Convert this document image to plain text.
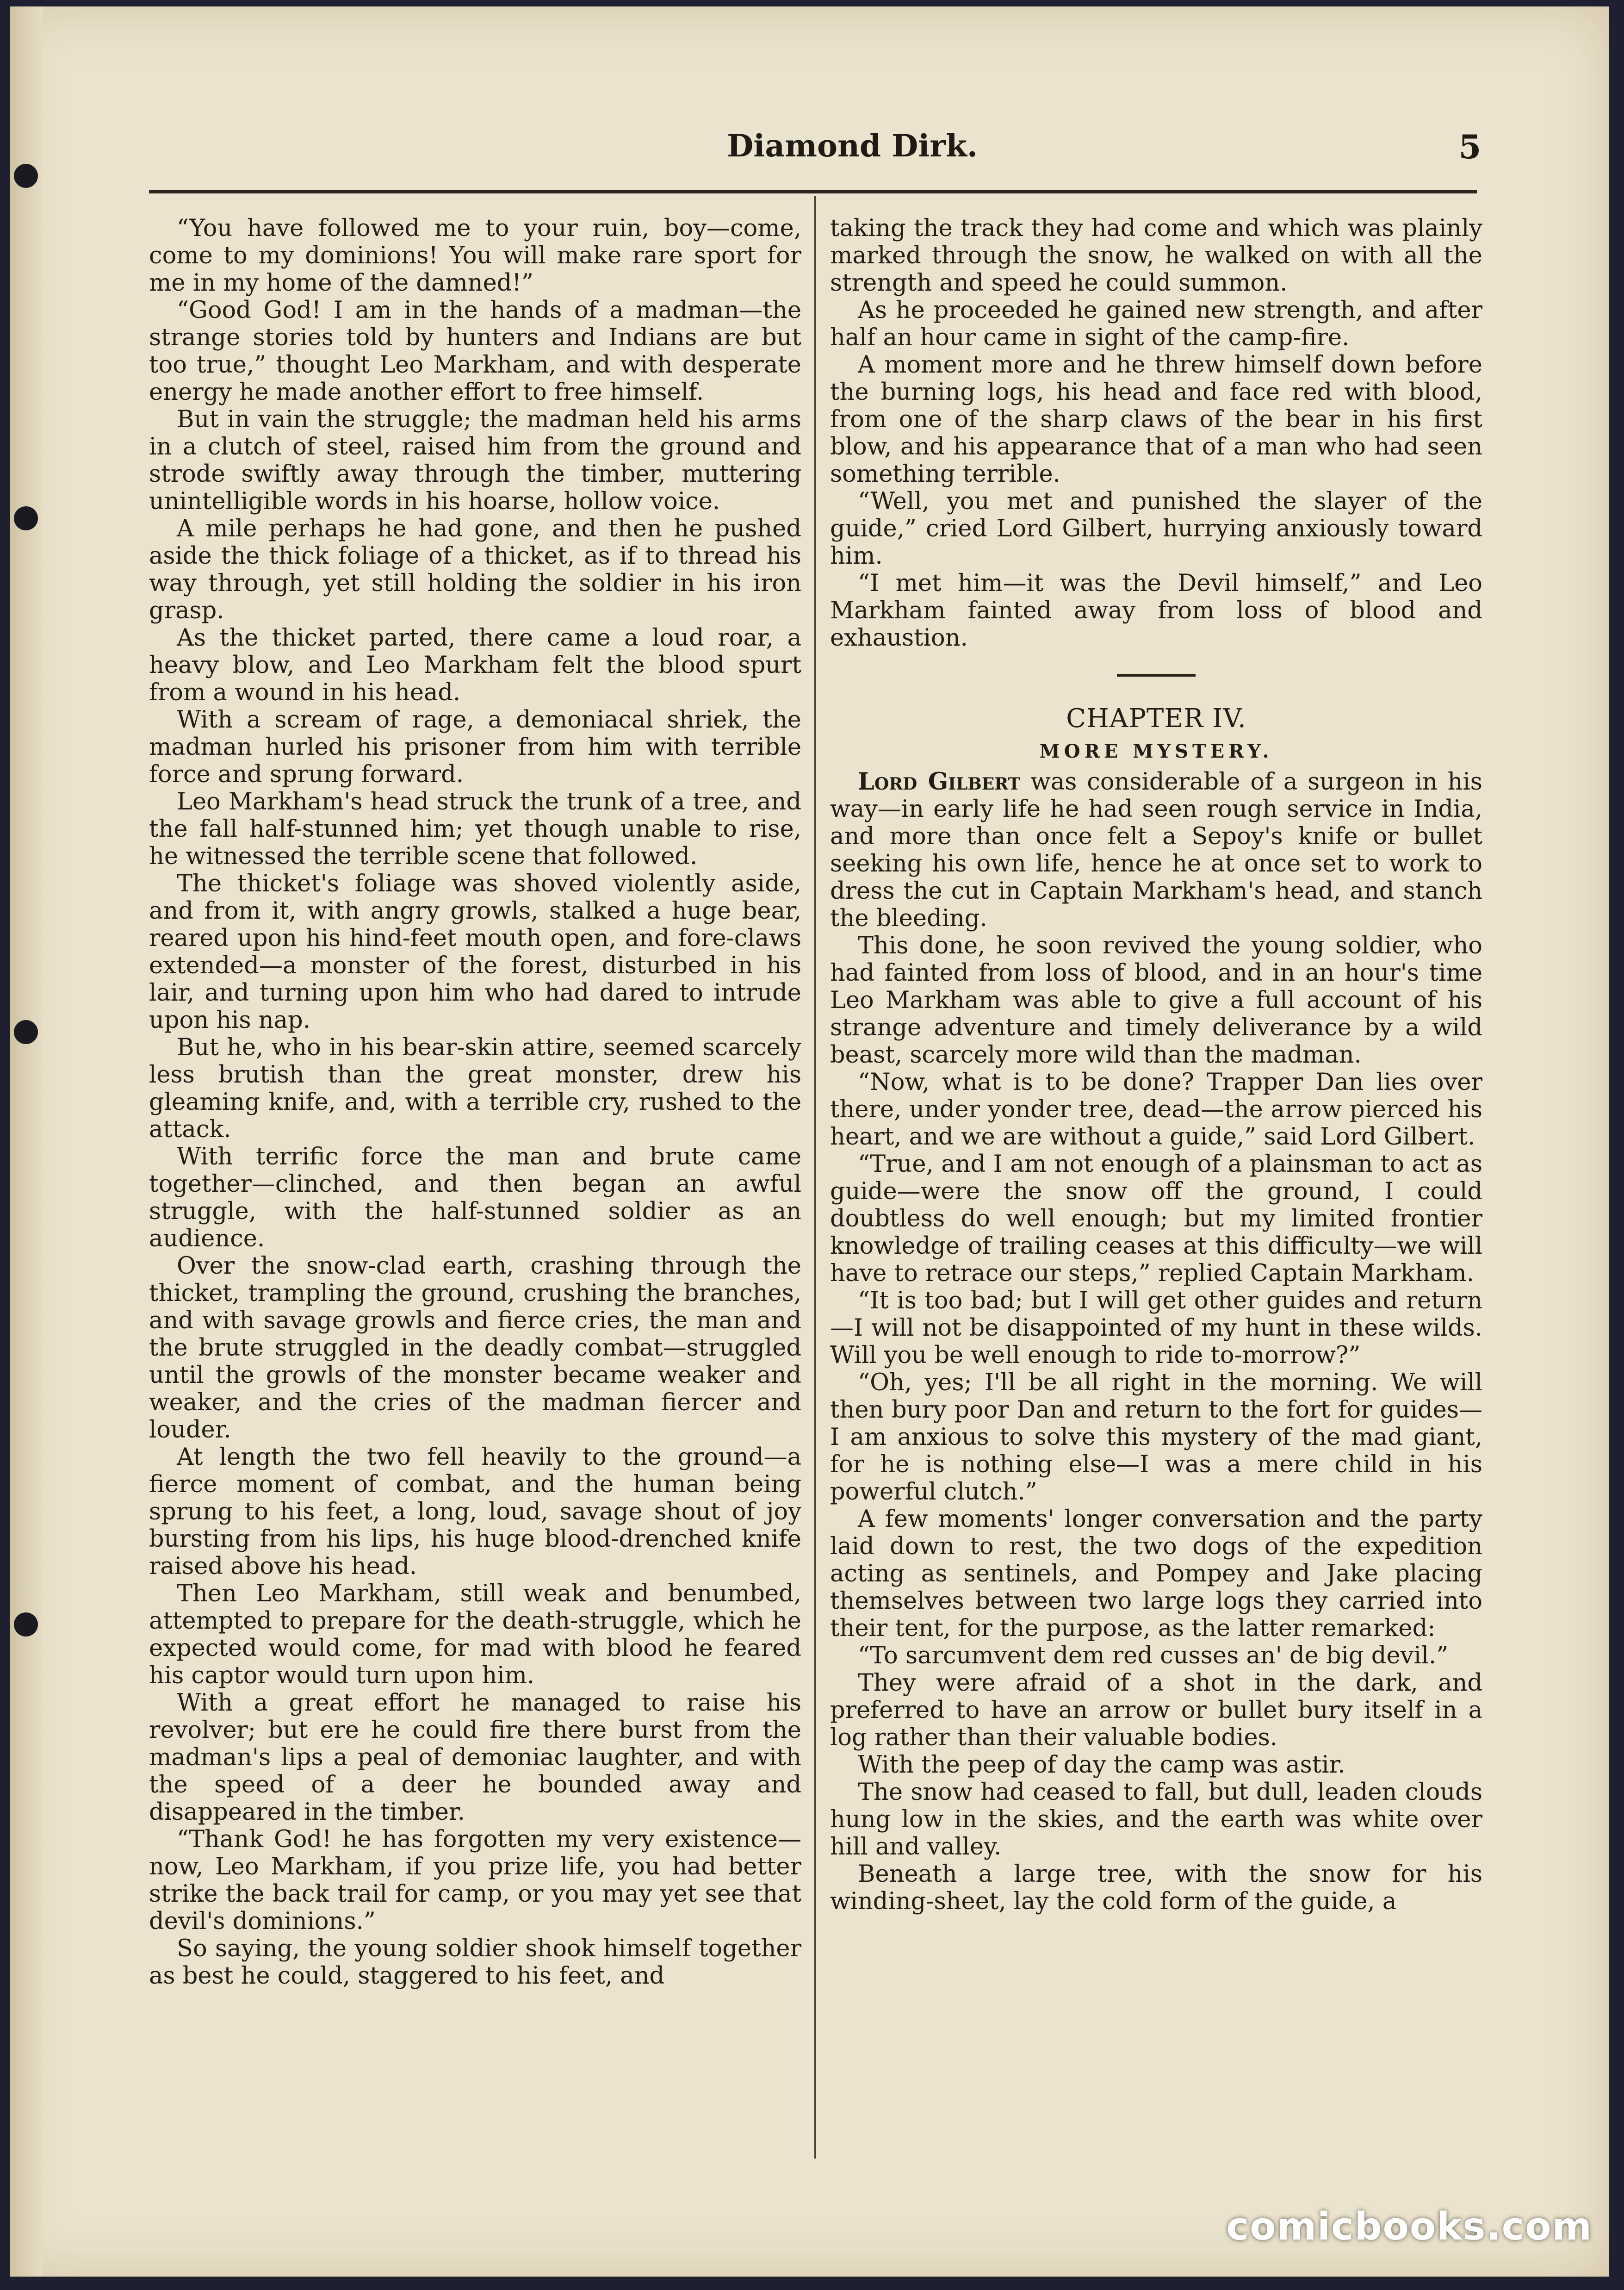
Diamond Dirk.	5

“You have followed me to your ruin, boy—come, come to my dominions! You will make rare sport for me in my home of the damned!”

“Good God! I am in the hands of a madman—the strange stories told by hunters and Indians are but too true,” thought Leo Markham, and with desperate energy he made another effort to free himself.

But in vain the struggle; the madman held his arms in a clutch of steel, raised him from the ground and strode swiftly away through the timber, muttering unintelligible words in his hoarse, hollow voice.

A mile perhaps he had gone, and then he pushed aside the thick foliage of a thicket, as if to thread his way through, yet still holding the soldier in his iron grasp.

As the thicket parted, there came a loud roar, a heavy blow, and Leo Markham felt the blood spurt from a wound in his head.

With a scream of rage, a demoniacal shriek, the madman hurled his prisoner from him with terrible force and sprung forward.

Leo Markham's head struck the trunk of a tree, and the fall half-stunned him; yet though unable to rise, he witnessed the terrible scene that followed.

The thicket's foliage was shoved violently aside, and from it, with angry growls, stalked a huge bear, reared upon his hind-feet mouth open, and fore-claws extended—a monster of the forest, disturbed in his lair, and turning upon him who had dared to intrude upon his nap.

But he, who in his bear-skin attire, seemed scarcely less brutish than the great monster, drew his gleaming knife, and, with a terrible cry, rushed to the attack.

With terrific force the man and brute came together—clinched, and then began an awful struggle, with the half-stunned soldier as an audience.

Over the snow-clad earth, crashing through the thicket, trampling the ground, crushing the branches, and with savage growls and fierce cries, the man and the brute struggled in the deadly combat—struggled until the growls of the monster became weaker and weaker, and the cries of the madman fiercer and louder.

At length the two fell heavily to the ground—a fierce moment of combat, and the human being sprung to his feet, a long, loud, savage shout of joy bursting from his lips, his huge blood-drenched knife raised above his head.

Then Leo Markham, still weak and benumbed, attempted to prepare for the death-struggle, which he expected would come, for mad with blood he feared his captor would turn upon him.

With a great effort he managed to raise his revolver; but ere he could fire there burst from the madman's lips a peal of demoniac laughter, and with the speed of a deer he bounded away and disappeared in the timber.

“Thank God! he has forgotten my very existence—now, Leo Markham, if you prize life, you had better strike the back trail for camp, or you may yet see that devil's dominions.”

So saying, the young soldier shook himself together as best he could, staggered to his feet, and

taking the track they had come and which was plainly marked through the snow, he walked on with all the strength and speed he could summon.

As he proceeded he gained new strength, and after half an hour came in sight of the camp-fire.

A moment more and he threw himself down before the burning logs, his head and face red with blood, from one of the sharp claws of the bear in his first blow, and his appearance that of a man who had seen something terrible.

“Well, you met and punished the slayer of the guide,” cried Lord Gilbert, hurrying anxiously toward him.

“I met him—it was the Devil himself,” and Leo Markham fainted away from loss of blood and exhaustion.

CHAPTER IV.
MORE MYSTERY.

Lord Gilbert was considerable of a surgeon in his way—in early life he had seen rough service in India, and more than once felt a Sepoy's knife or bullet seeking his own life, hence he at once set to work to dress the cut in Captain Markham's head, and stanch the bleeding.

This done, he soon revived the young soldier, who had fainted from loss of blood, and in an hour's time Leo Markham was able to give a full account of his strange adventure and timely deliverance by a wild beast, scarcely more wild than the madman.

“Now, what is to be done? Trapper Dan lies over there, under yonder tree, dead—the arrow pierced his heart, and we are without a guide,” said Lord Gilbert.

“True, and I am not enough of a plainsman to act as guide—were the snow off the ground, I could doubtless do well enough; but my limited frontier knowledge of trailing ceases at this difficulty—we will have to retrace our steps,” replied Captain Markham.

“It is too bad; but I will get other guides and return—I will not be disappointed of my hunt in these wilds. Will you be well enough to ride to-morrow?”

“Oh, yes; I'll be all right in the morning. We will then bury poor Dan and return to the fort for guides—I am anxious to solve this mystery of the mad giant, for he is nothing else—I was a mere child in his powerful clutch.”

A few moments' longer conversation and the party laid down to rest, the two dogs of the expedition acting as sentinels, and Pompey and Jake placing themselves between two large logs they carried into their tent, for the purpose, as the latter remarked:

“To sarcumvent dem red cusses an' de big devil.”

They were afraid of a shot in the dark, and preferred to have an arrow or bullet bury itself in a log rather than their valuable bodies.

With the peep of day the camp was astir.

The snow had ceased to fall, but dull, leaden clouds hung low in the skies, and the earth was white over hill and valley.

Beneath a large tree, with the snow for his winding-sheet, lay the cold form of the guide, a

comicbooks.com
